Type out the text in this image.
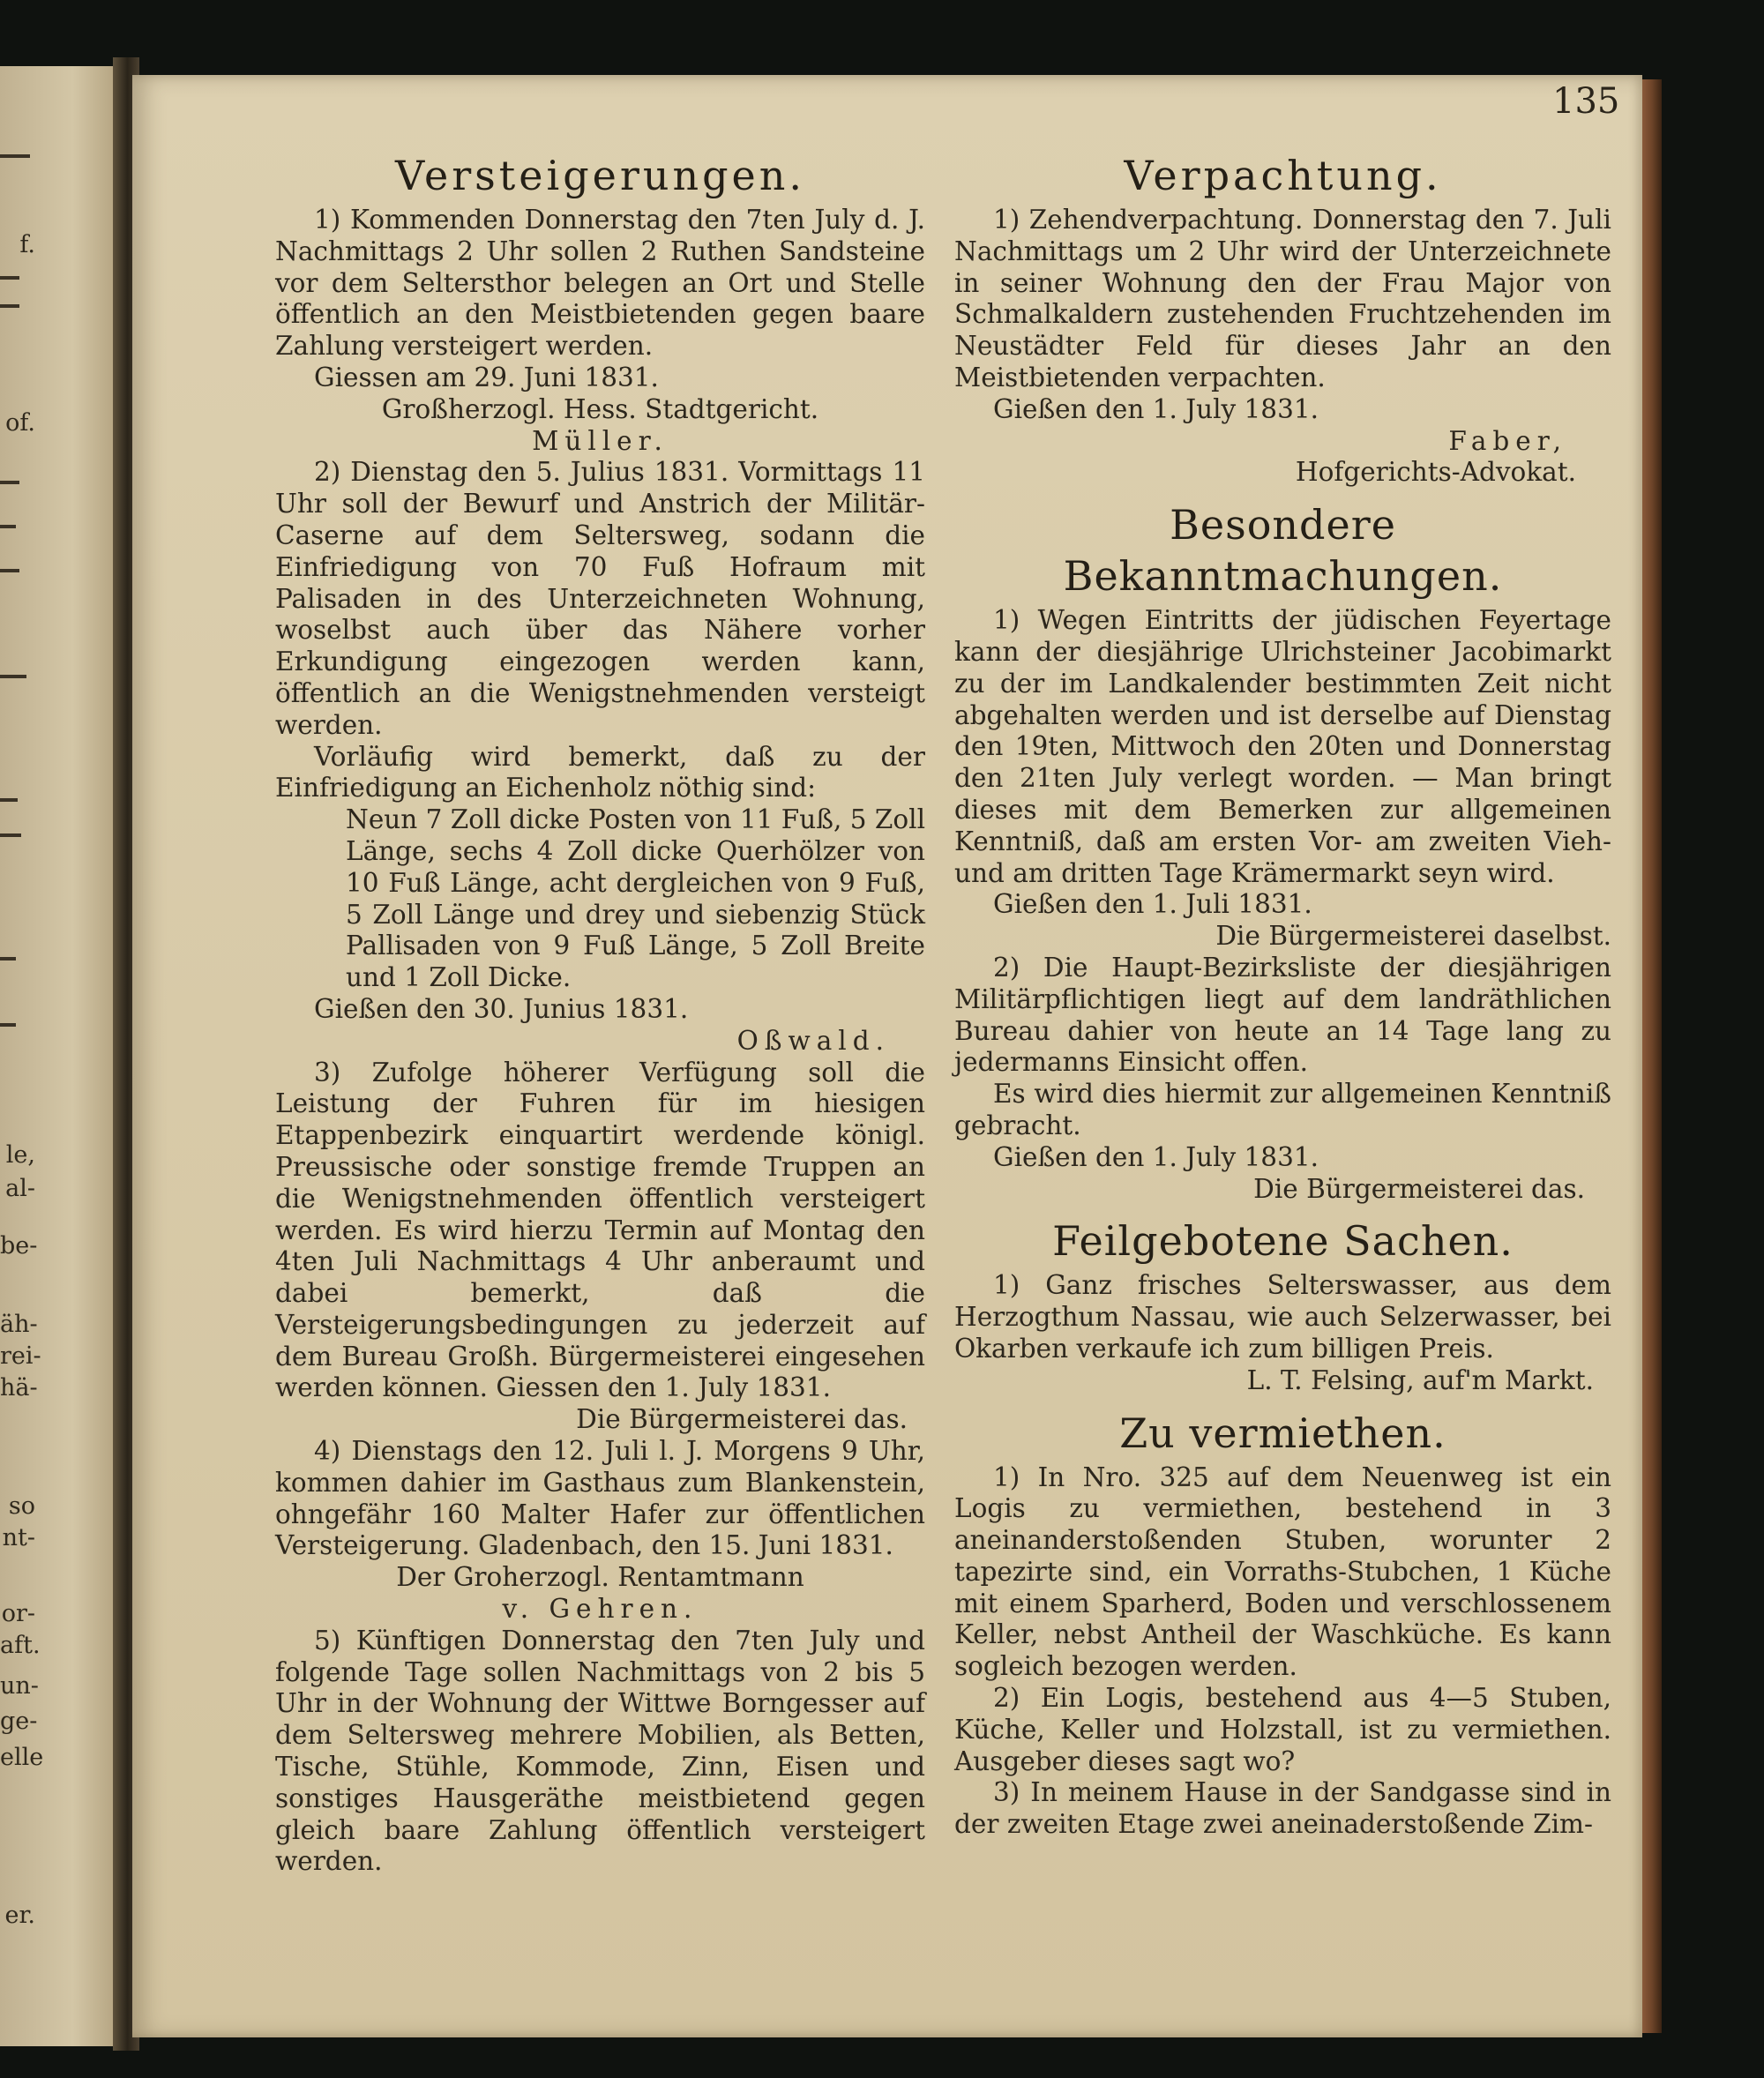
f.
of.
le,
al-
be-
äh-
rei-
hä-
so
nt-
or-
aft.
un-
ge-
elle
er.
135
Versteigerungen.

1) Kommenden Donnerstag den 7ten July d. J. Nachmittags 2 Uhr sollen 2 Ruthen Sandsteine vor dem Seltersthor belegen an Ort und Stelle öffentlich an den Meistbietenden gegen baare Zahlung versteigert werden.

Giessen am 29. Juni 1831.

Großherzogl. Hess. Stadtgericht.

Müller.

2) Dienstag den 5. Julius 1831. Vormittags 11 Uhr soll der Bewurf und Anstrich der Militär-Caserne auf dem Seltersweg, sodann die Einfriedigung von 70 Fuß Hofraum mit Palisaden in des Unterzeichneten Wohnung, woselbst auch über das Nähere vorher Erkundigung eingezogen werden kann, öffentlich an die Wenigstnehmenden versteigt werden.

Vorläufig wird bemerkt, daß zu der Einfriedigung an Eichenholz nöthig sind:

Neun 7 Zoll dicke Posten von 11 Fuß, 5 Zoll Länge, sechs 4 Zoll dicke Querhölzer von 10 Fuß Länge, acht dergleichen von 9 Fuß, 5 Zoll Länge und drey und siebenzig Stück Pallisaden von 9 Fuß Länge, 5 Zoll Breite und 1 Zoll Dicke.

Gießen den 30. Junius 1831.

Oßwald.

3) Zufolge höherer Verfügung soll die Leistung der Fuhren für im hiesigen Etappenbezirk einquartirt werdende königl. Preussische oder sonstige fremde Truppen an die Wenigstnehmenden öffentlich versteigert werden. Es wird hierzu Termin auf Montag den 4ten Juli Nachmittags 4 Uhr anberaumt und dabei bemerkt, daß die Versteigerungsbedingungen zu jederzeit auf dem Bureau Großh. Bürgermeisterei eingesehen werden können. Giessen den 1. July 1831.

Die Bürgermeisterei das.

4) Dienstags den 12. Juli l. J. Morgens 9 Uhr, kommen dahier im Gasthaus zum Blankenstein, ohngefähr 160 Malter Hafer zur öffentlichen Versteigerung. Gladenbach, den 15. Juni 1831.

Der Groherzogl. Rentamtmann

v. Gehren.

5) Künftigen Donnerstag den 7ten July und folgende Tage sollen Nachmittags von 2 bis 5 Uhr in der Wohnung der Wittwe Borngesser auf dem Seltersweg mehrere Mobilien, als Betten, Tische, Stühle, Kommode, Zinn, Eisen und sonstiges Hausgeräthe meistbietend gegen gleich baare Zahlung öffentlich versteigert werden.

Verpachtung.

1) Zehendverpachtung. Donnerstag den 7. Juli Nachmittags um 2 Uhr wird der Unterzeichnete in seiner Wohnung den der Frau Major von Schmalkaldern zustehenden Fruchtzehenden im Neustädter Feld für dieses Jahr an den Meistbietenden verpachten.

Gießen den 1. July 1831.

Faber,

Hofgerichts-Advokat.

Besondere Bekanntmachungen.

1) Wegen Eintritts der jüdischen Feyertage kann der diesjährige Ulrichsteiner Jacobimarkt zu der im Landkalender bestimmten Zeit nicht abgehalten werden und ist derselbe auf Dienstag den 19ten, Mittwoch den 20ten und Donnerstag den 21ten July verlegt worden. — Man bringt dieses mit dem Bemerken zur allgemeinen Kenntniß, daß am ersten Vor- am zweiten Vieh- und am dritten Tage Krämermarkt seyn wird.

Gießen den 1. Juli 1831.

Die Bürgermeisterei daselbst.

2) Die Haupt-Bezirksliste der diesjährigen Militärpflichtigen liegt auf dem landräthlichen Bureau dahier von heute an 14 Tage lang zu jedermanns Einsicht offen.

Es wird dies hiermit zur allgemeinen Kenntniß gebracht.

Gießen den 1. July 1831.

Die Bürgermeisterei das.

Feilgebotene Sachen.

1) Ganz frisches Selterswasser, aus dem Herzogthum Nassau, wie auch Selzerwasser, bei Okarben verkaufe ich zum billigen Preis.

L. T. Felsing, auf'm Markt.

Zu vermiethen.

1) In Nro. 325 auf dem Neuenweg ist ein Logis zu vermiethen, bestehend in 3 aneinanderstoßenden Stuben, worunter 2 tapezirte sind, ein Vorraths-Stubchen, 1 Küche mit einem Sparherd, Boden und verschlossenem Keller, nebst Antheil der Waschküche. Es kann sogleich bezogen werden.

2) Ein Logis, bestehend aus 4—5 Stuben, Küche, Keller und Holzstall, ist zu vermiethen. Ausgeber dieses sagt wo?

3) In meinem Hause in der Sandgasse sind in der zweiten Etage zwei aneinaderstoßende Zim-
